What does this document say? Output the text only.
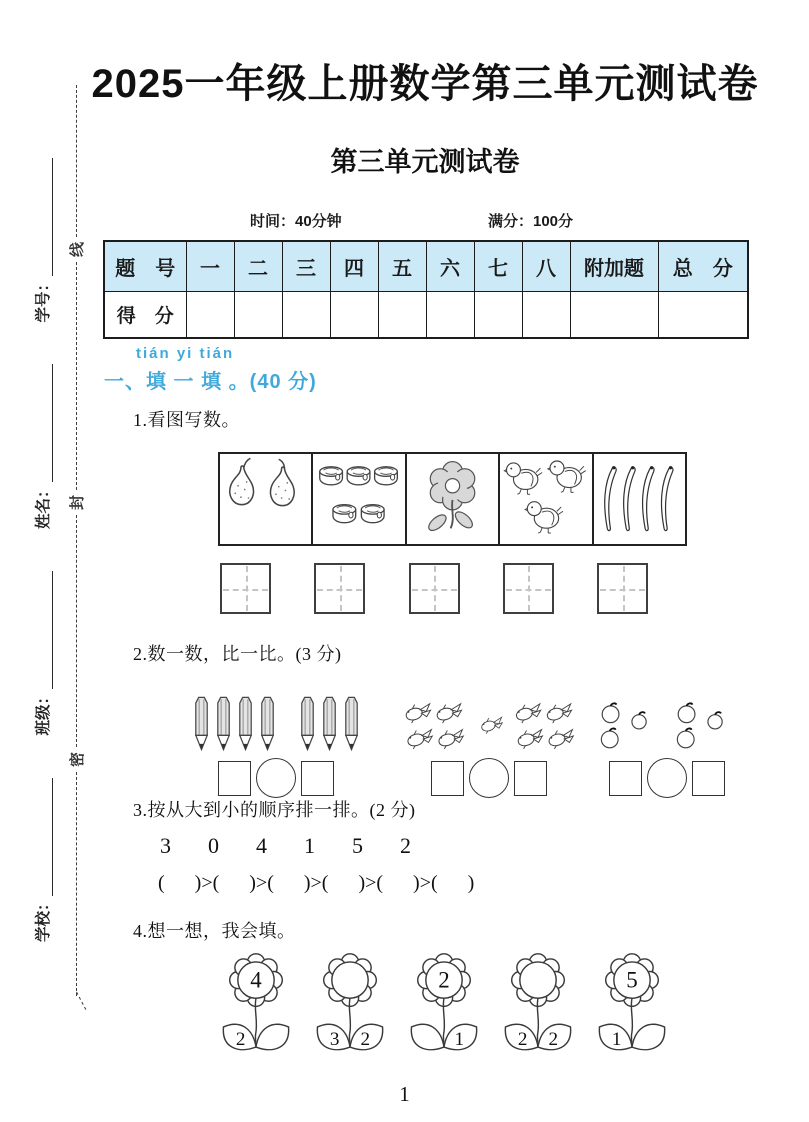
学校：
班级：
姓名：
学号：
密
封
线
2025一年级上册数学第三单元测试卷
第三单元测试卷
时间：40分钟	满分：100分
题　号	一	二	三	四	五	六	七	八	附加题	总　分
得　分										
tián yi tián
一、填 一 填 。(40 分)
1.看图写数。
2.数一数，比一比。(3 分)
3.按从大到小的顺序排一排。(2 分)
3 0 4 1 5 2
(      )>(      )>(      )>(      )>(      )>(      )
4.想一想，我会填。
4
2	3 2
2
1	2 2
5
1
1
